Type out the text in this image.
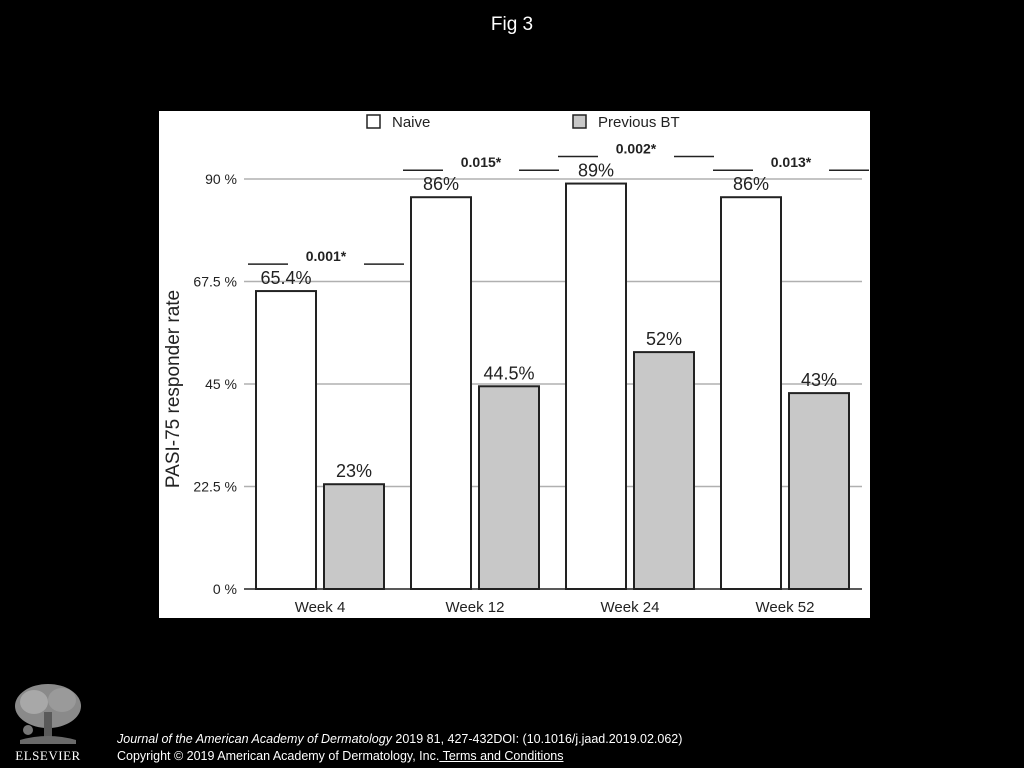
Fig 3
0 %
22.5 %
45 %
67.5 %
90 %
65.4%
23%
86%
44.5%
89%
52%
86%
43%
0.001*
0.015*
0.002*
0.013*
Week 4	Week 12	Week 24	Week 52
Naive	Previous BT
PASI-75 responder rate
ELSEVIER
Journal of the American Academy of Dermatology 2019 81, 427-432DOI: (10.1016/j.jaad.2019.02.062)
Copyright © 2019 American Academy of Dermatology, Inc. Terms and Conditions
